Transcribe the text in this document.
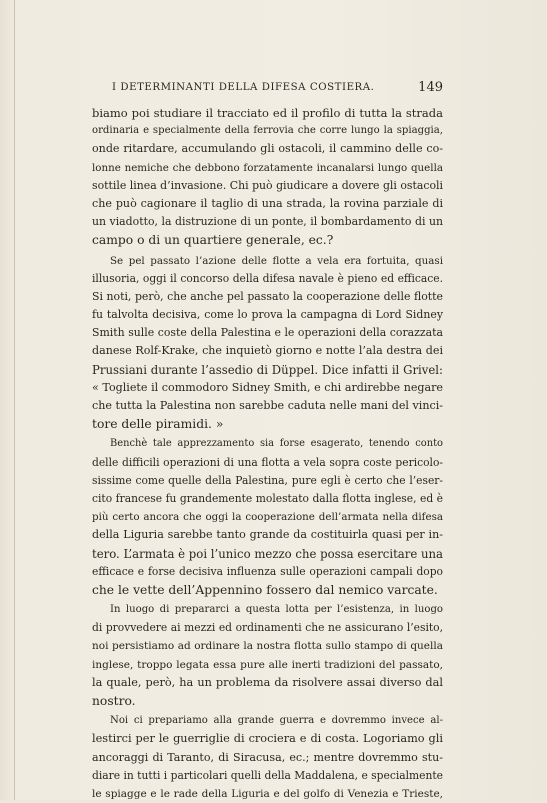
I DETERMINANTI DELLA DIFESA COSTIERA.	149
biamo poi studiare il tracciato ed il profilo di tutta la strada
ordinaria e specialmente della ferrovia che corre lungo la spiaggia,
onde ritardare, accumulando gli ostacoli, il cammino delle co-
lonne nemiche che debbono forzatamente incanalarsi lungo quella
sottile linea d’invasione. Chi può giudicare a dovere gli ostacoli
che può cagionare il taglio di una strada, la rovina parziale di
un viadotto, la distruzione di un ponte, il bombardamento di un
campo o di un quartiere generale, ec.?
Se pel passato l’azione delle flotte a vela era fortuita, quasi
illusoria, oggi il concorso della difesa navale è pieno ed efficace.
Si noti, però, che anche pel passato la cooperazione delle flotte
fu talvolta decisiva, come lo prova la campagna di Lord Sidney
Smith sulle coste della Palestina e le operazioni della corazzata
danese Rolf-Krake, che inquietò giorno e notte l’ala destra dei
Prussiani durante l’assedio di Düppel. Dice infatti il Grivel:
« Togliete il commodoro Sidney Smith, e chi ardirebbe negare
che tutta la Palestina non sarebbe caduta nelle mani del vinci-
tore delle piramidi. »
Benchè tale apprezzamento sia forse esagerato, tenendo conto
delle difficili operazioni di una flotta a vela sopra coste pericolo-
sissime come quelle della Palestina, pure egli è certo che l’eser-
cito francese fu grandemente molestato dalla flotta inglese, ed è
più certo ancora che oggi la cooperazione dell’armata nella difesa
della Liguria sarebbe tanto grande da costituirla quasi per in-
tero. L’armata è poi l’unico mezzo che possa esercitare una
efficace e forse decisiva influenza sulle operazioni campali dopo
che le vette dell’Appennino fossero dal nemico varcate.
In luogo di prepararci a questa lotta per l’esistenza, in luogo
di provvedere ai mezzi ed ordinamenti che ne assicurano l’esito,
noi persistiamo ad ordinare la nostra flotta sullo stampo di quella
inglese, troppo legata essa pure alle inerti tradizioni del passato,
la quale, però, ha un problema da risolvere assai diverso dal
nostro.
Noi ci prepariamo alla grande guerra e dovremmo invece al-
lestirci per le guerriglie di crociera e di costa. Logoriamo gli
ancoraggi di Taranto, di Siracusa, ec.; mentre dovremmo stu-
diare in tutti i particolari quelli della Maddalena, e specialmente
le spiagge e le rade della Liguria e del golfo di Venezia e Trieste,
